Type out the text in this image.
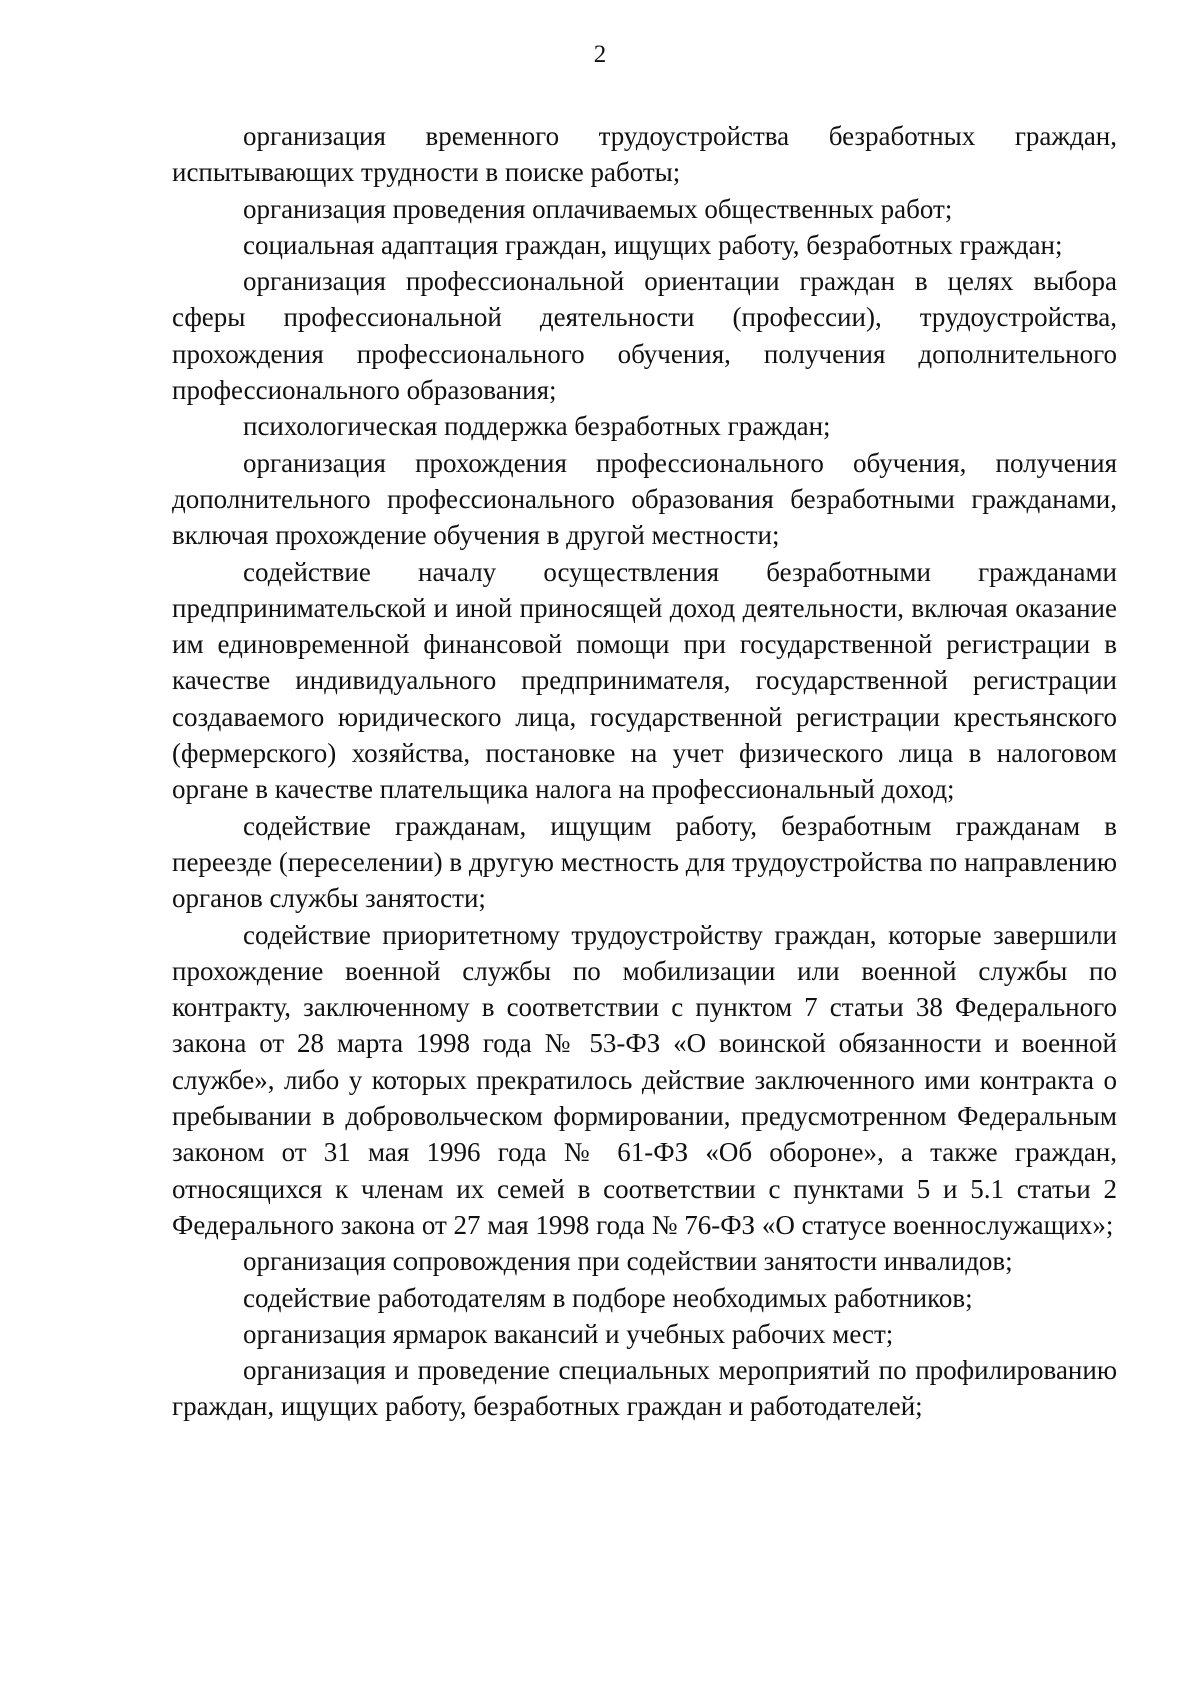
2

организация временного трудоустройства безработных граждан, испытывающих трудности в поиске работы;

организация проведения оплачиваемых общественных работ;

социальная адаптация граждан, ищущих работу, безработных граждан;

организация профессиональной ориентации граждан в целях выбора сферы профессиональной деятельности (профессии), трудоустройства, прохождения профессионального обучения, получения дополнительного профессионального образования;

психологическая поддержка безработных граждан;

организация прохождения профессионального обучения, получения дополнительного профессионального образования безработными гражданами, включая прохождение обучения в другой местности;

содействие началу осуществления безработными гражданами предпринимательской и иной приносящей доход деятельности, включая оказание им единовременной финансовой помощи при государственной регистрации в качестве индивидуального предпринимателя, государственной регистрации создаваемого юридического лица, государственной регистрации крестьянского (фермерского) хозяйства, постановке на учет физического лица в налоговом органе в качестве плательщика налога на профессиональный доход;

содействие гражданам, ищущим работу, безработным гражданам в переезде (переселении) в другую местность для трудоустройства по направлению органов службы занятости;

содействие приоритетному трудоустройству граждан, которые завершили прохождение военной службы по мобилизации или военной службы по контракту, заключенному в соответствии с пунктом 7 статьи 38 Федерального закона от 28 марта 1998 года № 53-ФЗ «О воинской обязанности и военной службе», либо у которых прекратилось действие заключенного ими контракта о пребывании в добровольческом формировании, предусмотренном Федеральным законом от 31 мая 1996 года № 61-ФЗ «Об обороне», а также граждан, относящихся к членам их семей в соответствии с пунктами 5 и 5.1 статьи 2 Федерального закона от 27 мая 1998 года № 76-ФЗ «О статусе военнослужащих»;

организация сопровождения при содействии занятости инвалидов;

содействие работодателям в подборе необходимых работников;

организация ярмарок вакансий и учебных рабочих мест;

организация и проведение специальных мероприятий по профилированию граждан, ищущих работу, безработных граждан и работодателей;
